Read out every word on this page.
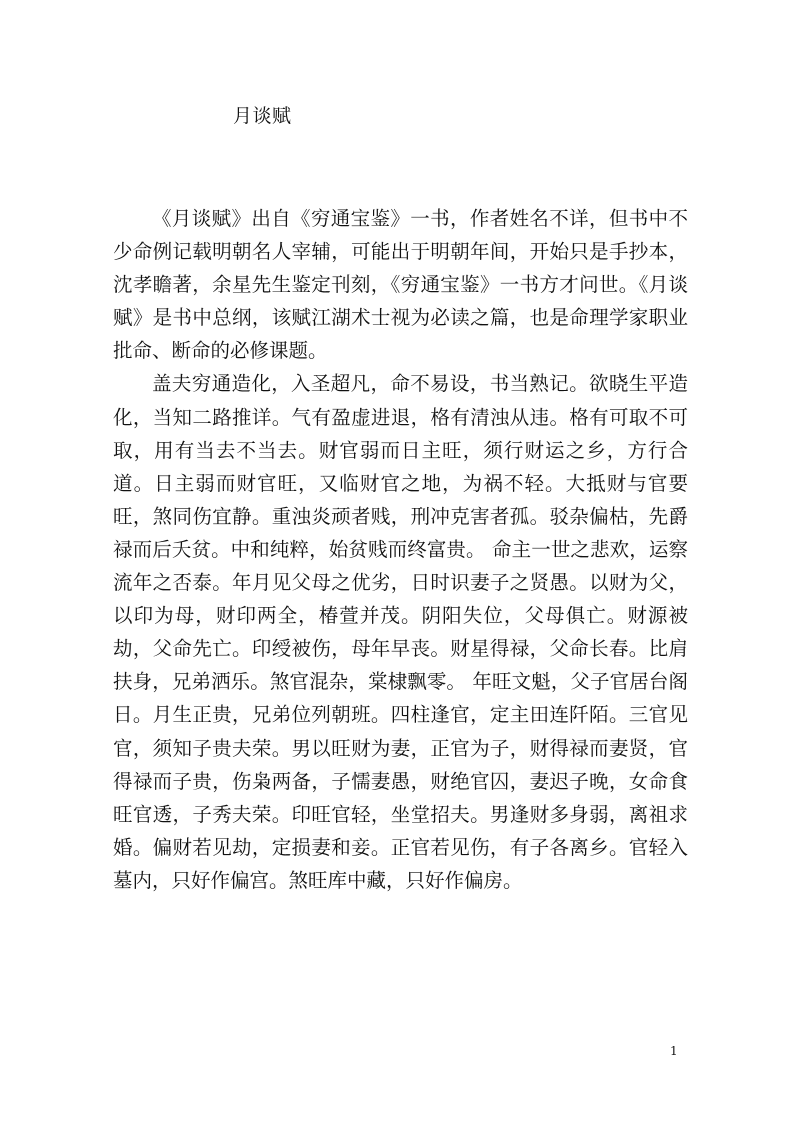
月谈赋

《月谈赋》出自《穷通宝鉴》一书，作者姓名不详，但书中不少命例记载明朝名人宰辅，可能出于明朝年间，开始只是手抄本，沈孝瞻著，余星先生鉴定刊刻，《穷通宝鉴》一书方才问世。《月谈赋》是书中总纲，该赋江湖术士视为必读之篇，也是命理学家职业批命、断命的必修课题。

盖夫穷通造化，入圣超凡，命不易设，书当熟记。欲晓生平造化，当知二路推详。气有盈虚进退，格有清浊从违。格有可取不可取，用有当去不当去。财官弱而日主旺，须行财运之乡，方行合道。日主弱而财官旺，又临财官之地，为祸不轻。大抵财与官要旺，煞同伤宜静。重浊炎顽者贱，刑冲克害者孤。驳杂偏枯，先爵禄而后夭贫。中和纯粹，始贫贱而终富贵。 命主一世之悲欢，运察流年之否泰。年月见父母之优劣，日时识妻子之贤愚。以财为父，以印为母，财印两全，椿萱并茂。阴阳失位，父母俱亡。财源被劫，父命先亡。印绶被伤，母年早丧。财星得禄，父命长春。比肩扶身，兄弟洒乐。煞官混杂，棠棣飘零。 年旺文魁，父子官居台阁日。月生正贵，兄弟位列朝班。四柱逢官，定主田连阡陌。三官见官，须知子贵夫荣。男以旺财为妻，正官为子，财得禄而妻贤，官得禄而子贵，伤枭两备，子懦妻愚，财绝官囚，妻迟子晚，女命食旺官透，子秀夫荣。印旺官轻，坐堂招夫。男逢财多身弱，离祖求婚。偏财若见劫，定损妻和妾。正官若见伤，有子各离乡。官轻入墓内，只好作偏宫。煞旺库中藏，只好作偏房。

1
